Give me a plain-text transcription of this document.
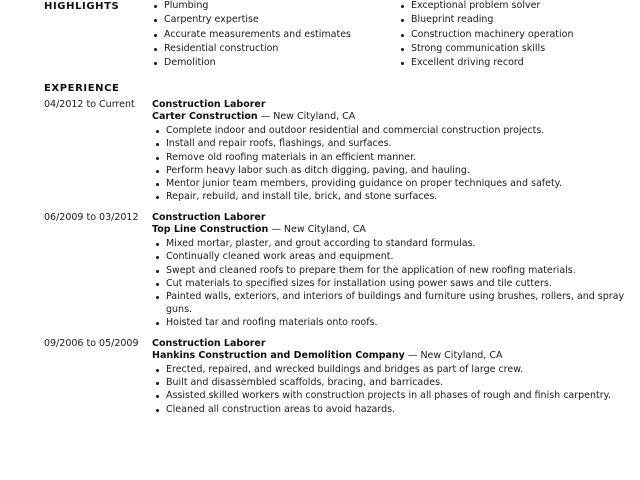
HIGHLIGHTS	Plumbing
Carpentry expertise
Accurate measurements and estimates
Residential construction
Demolition
Exceptional problem solver
Blueprint reading
Construction machinery operation
Strong communication skills
Excellent driving record
EXPERIENCE
04/2012 to Current	Construction Laborer
Carter Construction — New Cityland, CA
Complete indoor and outdoor residential and commercial construction projects.
Install and repair roofs, flashings, and surfaces.
Remove old roofing materials in an efficient manner.
Perform heavy labor such as ditch digging, paving, and hauling.
Mentor junior team members, providing guidance on proper techniques and safety.
Repair, rebuild, and install tile, brick, and stone surfaces.
06/2009 to 03/2012	Construction Laborer
Top Line Construction — New Cityland, CA
Mixed mortar, plaster, and grout according to standard formulas.
Continually cleaned work areas and equipment.
Swept and cleaned roofs to prepare them for the application of new roofing materials.
Cut materials to specified sizes for installation using power saws and tile cutters.
Painted walls, exteriors, and interiors of buildings and furniture using brushes, rollers, and spray guns.
Hoisted tar and roofing materials onto roofs.
09/2006 to 05/2009	Construction Laborer
Hankins Construction and Demolition Company — New Cityland, CA
Erected, repaired, and wrecked buildings and bridges as part of large crew.
Built and disassembled scaffolds, bracing, and barricades.
Assisted skilled workers with construction projects in all phases of rough and finish carpentry.
Cleaned all construction areas to avoid hazards.
